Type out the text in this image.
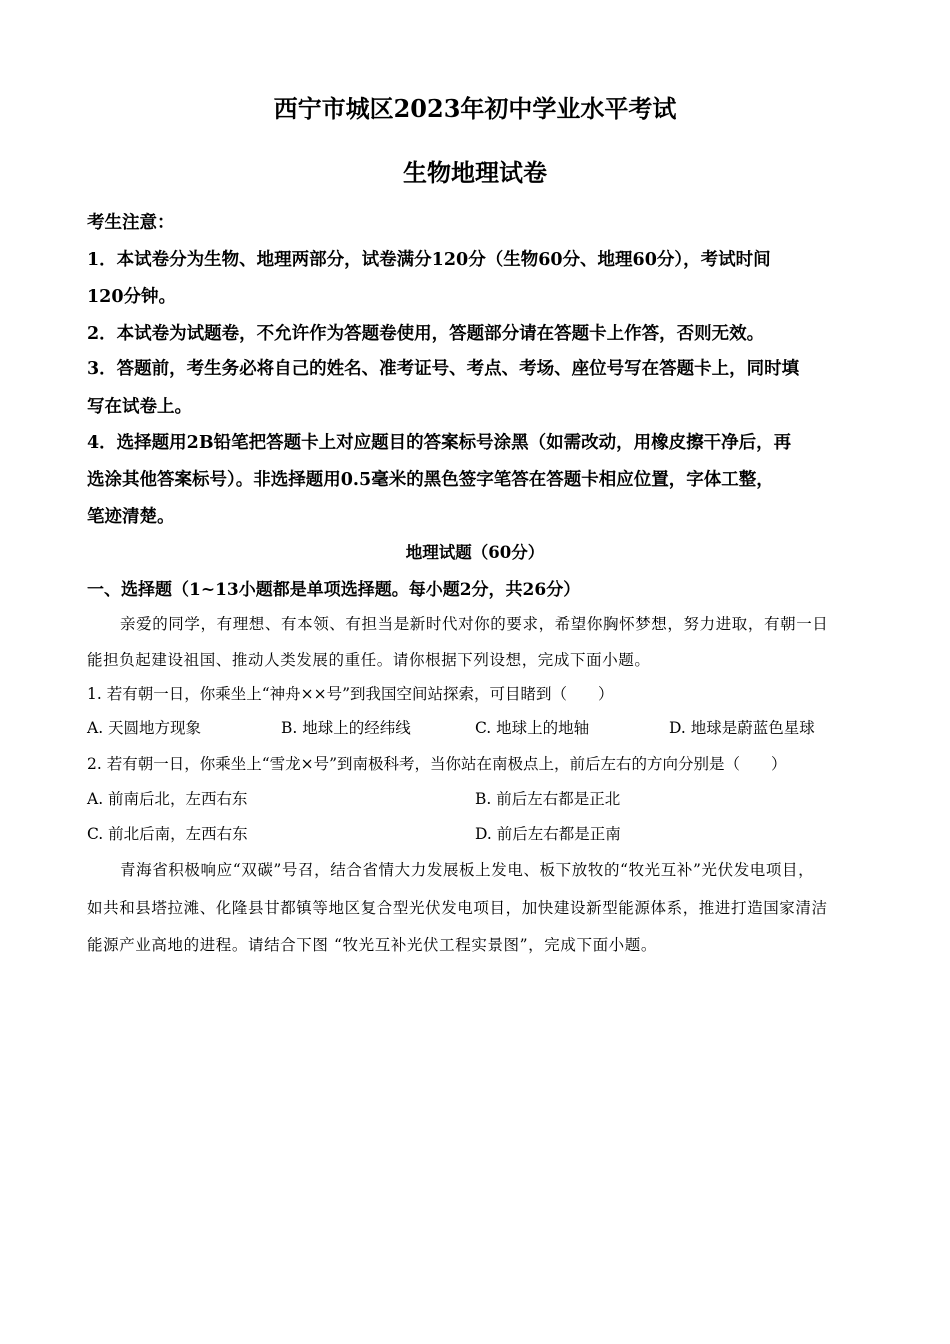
西宁市城区2023年初中学业水平考试
生物地理试卷
考生注意：
1．本试卷分为生物、地理两部分，试卷满分120分（生物60分、地理60分），考试时间
120分钟。
2．本试卷为试题卷，不允许作为答题卷使用，答题部分请在答题卡上作答，否则无效。
3．答题前，考生务必将自己的姓名、准考证号、考点、考场、座位号写在答题卡上，同时填
写在试卷上。
4．选择题用2B铅笔把答题卡上对应题目的答案标号涂黑（如需改动，用橡皮擦干净后，再
选涂其他答案标号）。非选择题用0.5毫米的黑色签字笔答在答题卡相应位置，字体工整，
笔迹清楚。
地理试题（60分）
一、选择题（1~13小题都是单项选择题。每小题2分，共26分）
亲爱的同学，有理想、有本领、有担当是新时代对你的要求，希望你胸怀梦想，努力进取，有朝一日
能担负起建设祖国、推动人类发展的重任。请你根据下列设想，完成下面小题。
1. 若有朝一日，你乘坐上“神舟××号”到我国空间站探索，可目睹到（　　）
A. 天圆地方现象	B. 地球上的经纬线	C. 地球上的地轴	D. 地球是蔚蓝色星球
2. 若有朝一日，你乘坐上“雪龙×号”到南极科考，当你站在南极点上，前后左右的方向分别是（　　）
A. 前南后北，左西右东	B. 前后左右都是正北
C. 前北后南，左西右东	D. 前后左右都是正南
青海省积极响应“双碳”号召，结合省情大力发展板上发电、板下放牧的“牧光互补”光伏发电项目，
如共和县塔拉滩、化隆县甘都镇等地区复合型光伏发电项目，加快建设新型能源体系，推进打造国家清洁
能源产业高地的进程。请结合下图 “牧光互补光伏工程实景图”，完成下面小题。
